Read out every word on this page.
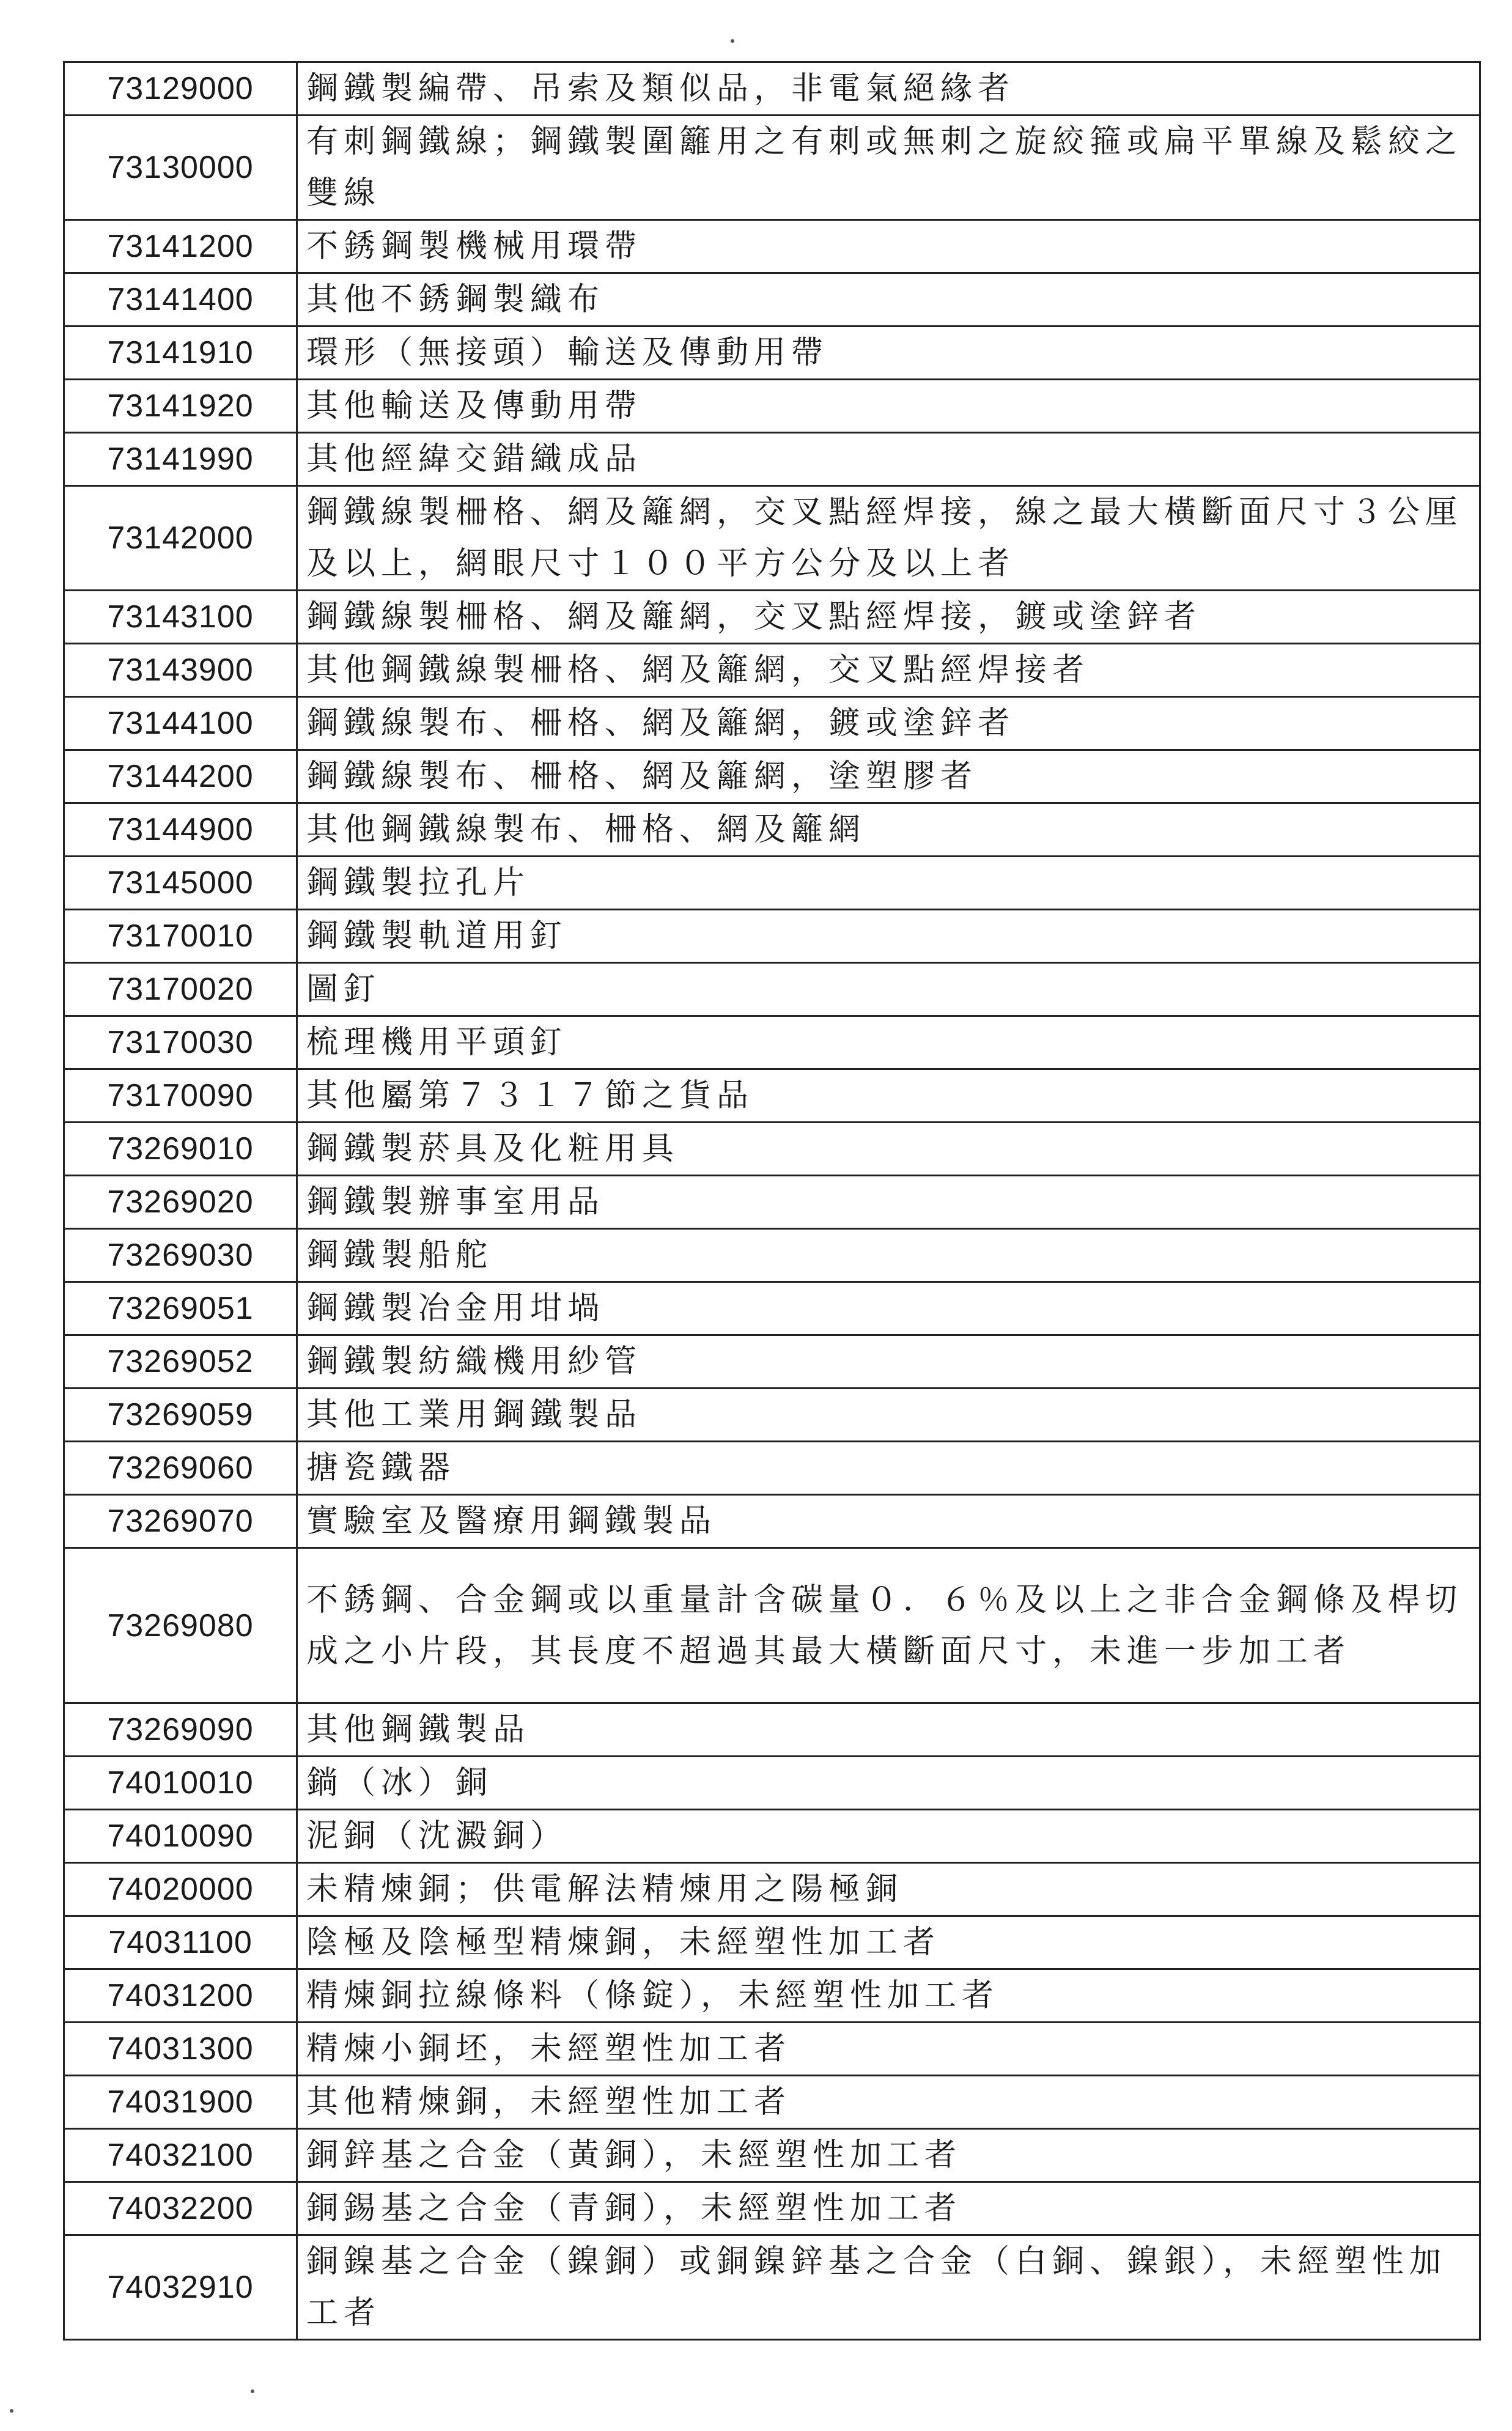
73129000	鋼鐵製編帶、吊索及類似品，非電氣絕緣者
73130000	有刺鋼鐵線；鋼鐵製圍籬用之有刺或無刺之旋絞箍或扁平單線及鬆絞之雙線
73141200	不銹鋼製機械用環帶
73141400	其他不銹鋼製織布
73141910	環形（無接頭）輸送及傳動用帶
73141920	其他輸送及傳動用帶
73141990	其他經緯交錯織成品
73142000	鋼鐵線製柵格、網及籬網，交叉點經焊接，線之最大橫斷面尺寸３公厘及以上，網眼尺寸１００平方公分及以上者
73143100	鋼鐵線製柵格、網及籬網，交叉點經焊接，鍍或塗鋅者
73143900	其他鋼鐵線製柵格、網及籬網，交叉點經焊接者
73144100	鋼鐵線製布、柵格、網及籬網，鍍或塗鋅者
73144200	鋼鐵線製布、柵格、網及籬網，塗塑膠者
73144900	其他鋼鐵線製布、柵格、網及籬網
73145000	鋼鐵製拉孔片
73170010	鋼鐵製軌道用釘
73170020	圖釘
73170030	梳理機用平頭釘
73170090	其他屬第７３１７節之貨品
73269010	鋼鐵製菸具及化粧用具
73269020	鋼鐵製辦事室用品
73269030	鋼鐵製船舵
73269051	鋼鐵製冶金用坩堝
73269052	鋼鐵製紡織機用紗管
73269059	其他工業用鋼鐵製品
73269060	搪瓷鐵器
73269070	實驗室及醫療用鋼鐵製品
73269080	不銹鋼、合金鋼或以重量計含碳量０．６％及以上之非合金鋼條及桿切成之小片段，其長度不超過其最大橫斷面尺寸，未進一步加工者
73269090	其他鋼鐵製品
74010010	鋿（冰）銅
74010090	泥銅（沈澱銅）
74020000	未精煉銅；供電解法精煉用之陽極銅
74031100	陰極及陰極型精煉銅，未經塑性加工者
74031200	精煉銅拉線條料（條錠），未經塑性加工者
74031300	精煉小銅坯，未經塑性加工者
74031900	其他精煉銅，未經塑性加工者
74032100	銅鋅基之合金（黃銅），未經塑性加工者
74032200	銅錫基之合金（青銅），未經塑性加工者
74032910	銅鎳基之合金（鎳銅）或銅鎳鋅基之合金（白銅、鎳銀），未經塑性加工者
